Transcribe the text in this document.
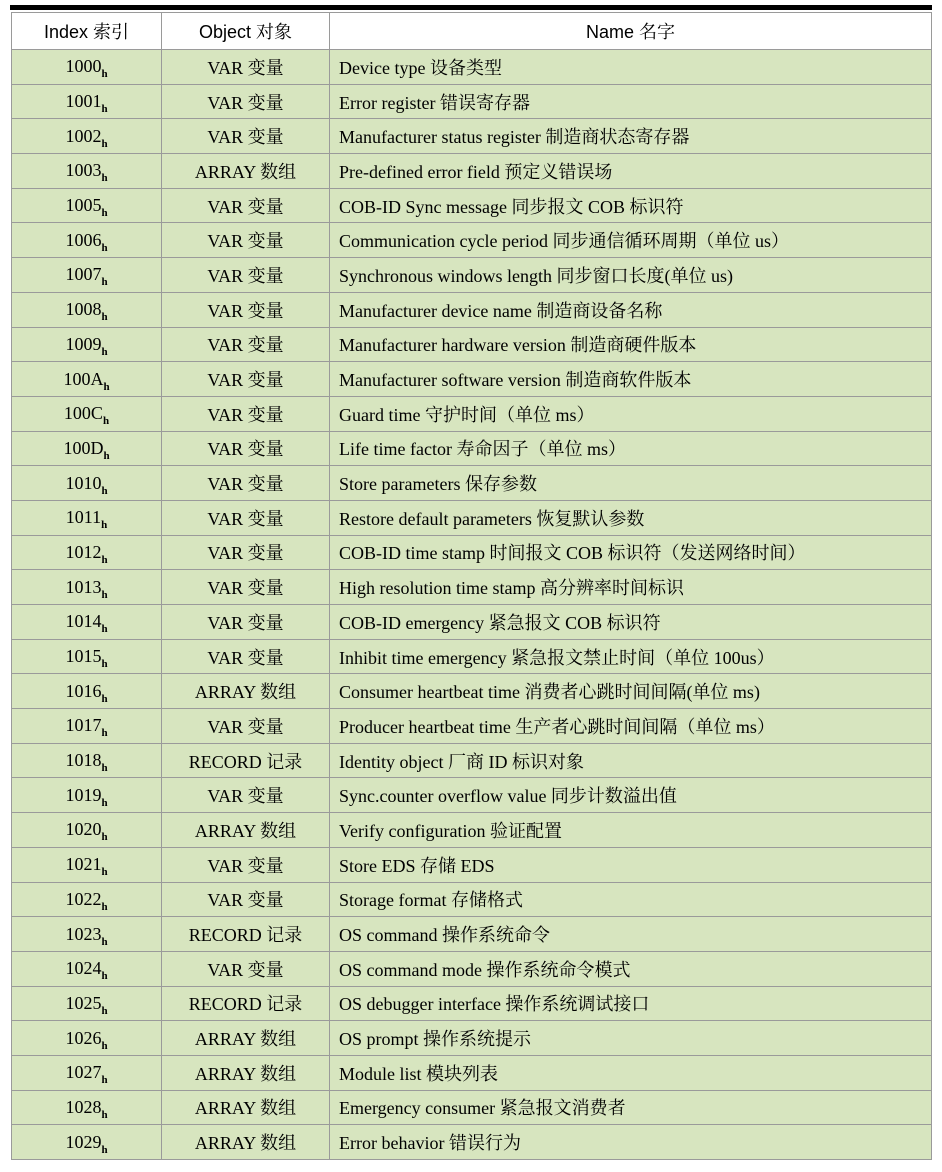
Index 索引	Object 对象	Name 名字
$1000_h$	VAR 变量	Device type 设备类型
$1001_h$	VAR 变量	Error register 错误寄存器
$1002_h$	VAR 变量	Manufacturer status register 制造商状态寄存器
$1003_h$	ARRAY 数组	Pre-defined error field 预定义错误场
$1005_h$	VAR 变量	COB-ID Sync message 同步报文 COB 标识符
$1006_h$	VAR 变量	Communication cycle period 同步通信循环周期（单位 us）
$1007_h$	VAR 变量	Synchronous windows length 同步窗口长度(单位 us)
$1008_h$	VAR 变量	Manufacturer device name 制造商设备名称
$1009_h$	VAR 变量	Manufacturer hardware version 制造商硬件版本
$100A_h$	VAR 变量	Manufacturer software version 制造商软件版本
$100C_h$	VAR 变量	Guard time 守护时间（单位 ms）
$100D_h$	VAR 变量	Life time factor 寿命因子（单位 ms）
$1010_h$	VAR 变量	Store parameters 保存参数
$1011_h$	VAR 变量	Restore default parameters 恢复默认参数
$1012_h$	VAR 变量	COB-ID time stamp 时间报文 COB 标识符（发送网络时间）
$1013_h$	VAR 变量	High resolution time stamp 高分辨率时间标识
$1014_h$	VAR 变量	COB-ID emergency 紧急报文 COB 标识符
$1015_h$	VAR 变量	Inhibit time emergency 紧急报文禁止时间（单位 100us）
$1016_h$	ARRAY 数组	Consumer heartbeat time 消费者心跳时间间隔(单位 ms)
$1017_h$	VAR 变量	Producer heartbeat time 生产者心跳时间间隔（单位 ms）
$1018_h$	RECORD 记录	Identity object 厂商 ID 标识对象
$1019_h$	VAR 变量	Sync.counter overflow value 同步计数溢出值
$1020_h$	ARRAY 数组	Verify configuration 验证配置
$1021_h$	VAR 变量	Store EDS 存储 EDS
$1022_h$	VAR 变量	Storage format 存储格式
$1023_h$	RECORD 记录	OS command 操作系统命令
$1024_h$	VAR 变量	OS command mode 操作系统命令模式
$1025_h$	RECORD 记录	OS debugger interface 操作系统调试接口
$1026_h$	ARRAY 数组	OS prompt 操作系统提示
$1027_h$	ARRAY 数组	Module list 模块列表
$1028_h$	ARRAY 数组	Emergency consumer 紧急报文消费者
$1029_h$	ARRAY 数组	Error behavior 错误行为
